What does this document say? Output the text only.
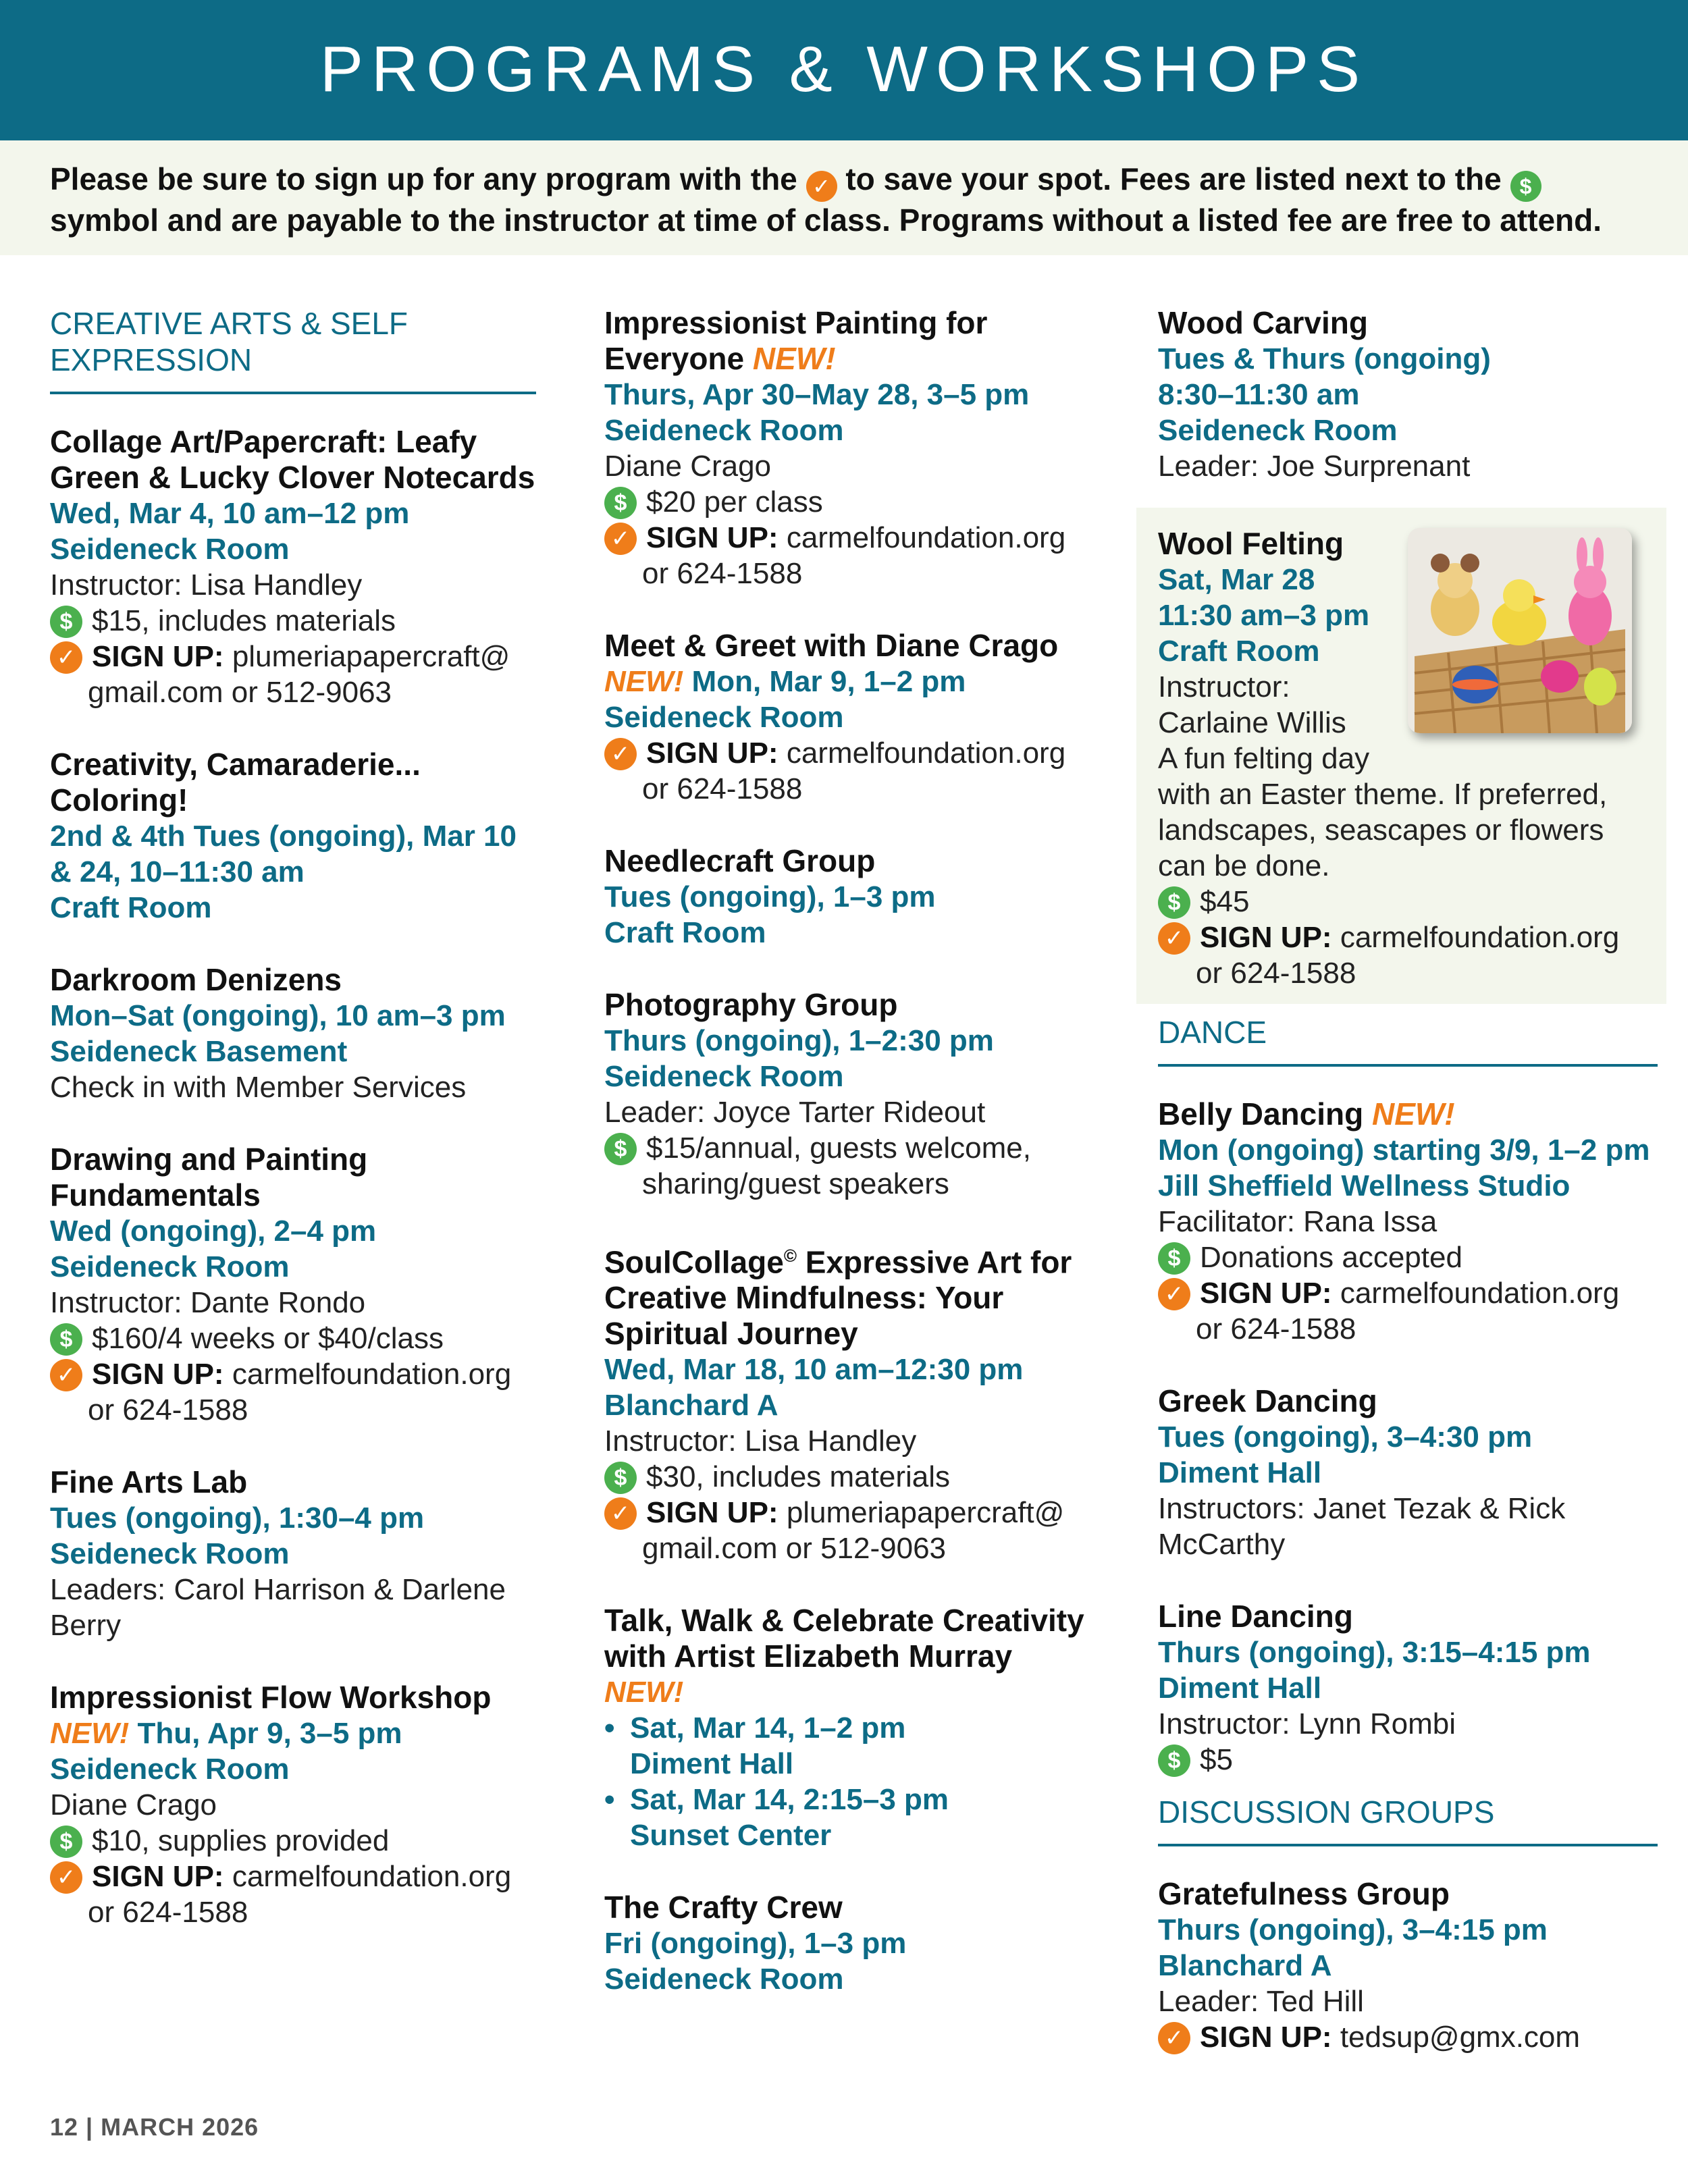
PROGRAMS & WORKSHOPS
Please be sure to sign up for any program with the ✓ to save your spot. Fees are listed next to the $ symbol and are payable to the instructor at time of class. Programs without a listed fee are free to attend.
CREATIVE ARTS & SELF EXPRESSION
Collage Art/Papercraft: Leafy Green & Lucky Clover Notecards
Wed, Mar 4, 10 am–12 pm
Seideneck Room
Instructor: Lisa Handley
$ $15, includes materials
✓ SIGN UP: plumeriapapercraft@
gmail.com or 512-9063
Creativity, Camaraderie... Coloring!
2nd & 4th Tues (ongoing), Mar 10 & 24, 10–11:30 am
Craft Room
Darkroom Denizens
Mon–Sat (ongoing), 10 am–3 pm
Seideneck Basement
Check in with Member Services
Drawing and Painting Fundamentals
Wed (ongoing), 2–4 pm
Seideneck Room
Instructor: Dante Rondo
$ $160/4 weeks or $40/class
✓ SIGN UP: carmelfoundation.org
or 624-1588
Fine Arts Lab
Tues (ongoing), 1:30–4 pm
Seideneck Room
Leaders: Carol Harrison & Darlene Berry
Impressionist Flow Workshop
NEW! Thu, Apr 9, 3–5 pm
Seideneck Room
Diane Crago
$ $10, supplies provided
✓ SIGN UP: carmelfoundation.org
or 624-1588
Impressionist Painting for Everyone NEW!
Thurs, Apr 30–May 28, 3–5 pm
Seideneck Room
Diane Crago
$ $20 per class
✓ SIGN UP: carmelfoundation.org
or 624-1588
Meet & Greet with Diane Crago
NEW! Mon, Mar 9, 1–2 pm
Seideneck Room
✓ SIGN UP: carmelfoundation.org
or 624-1588
Needlecraft Group
Tues (ongoing), 1–3 pm
Craft Room
Photography Group
Thurs (ongoing), 1–2:30 pm
Seideneck Room
Leader: Joyce Tarter Rideout
$ $15/annual, guests welcome,
sharing/guest speakers
SoulCollage© Expressive Art for Creative Mindfulness: Your Spiritual Journey
Wed, Mar 18, 10 am–12:30 pm
Blanchard A
Instructor: Lisa Handley
$ $30, includes materials
✓ SIGN UP: plumeriapapercraft@
gmail.com or 512-9063
Talk, Walk & Celebrate Creativity with Artist Elizabeth Murray
NEW!
• Sat, Mar 14, 1–2 pm
Diment Hall
• Sat, Mar 14, 2:15–3 pm
Sunset Center
The Crafty Crew
Fri (ongoing), 1–3 pm
Seideneck Room
Wood Carving
Tues & Thurs (ongoing)
8:30–11:30 am
Seideneck Room
Leader: Joe Surprenant
Wool Felting
Sat, Mar 28
11:30 am–3 pm
Craft Room
Instructor:
Carlaine Willis
A fun felting day
with an Easter theme. If preferred, landscapes, seascapes or flowers can be done.
$ $45
✓ SIGN UP: carmelfoundation.org
or 624-1588
DANCE
Belly Dancing NEW!
Mon (ongoing) starting 3/9, 1–2 pm
Jill Sheffield Wellness Studio
Facilitator: Rana Issa
$ Donations accepted
✓ SIGN UP: carmelfoundation.org
or 624-1588
Greek Dancing
Tues (ongoing), 3–4:30 pm
Diment Hall
Instructors: Janet Tezak & Rick McCarthy
Line Dancing
Thurs (ongoing), 3:15–4:15 pm
Diment Hall
Instructor: Lynn Rombi
$ $5
DISCUSSION GROUPS
Gratefulness Group
Thurs (ongoing), 3–4:15 pm
Blanchard A
Leader: Ted Hill
✓ SIGN UP: tedsup@gmx.com
12 | MARCH 2026
